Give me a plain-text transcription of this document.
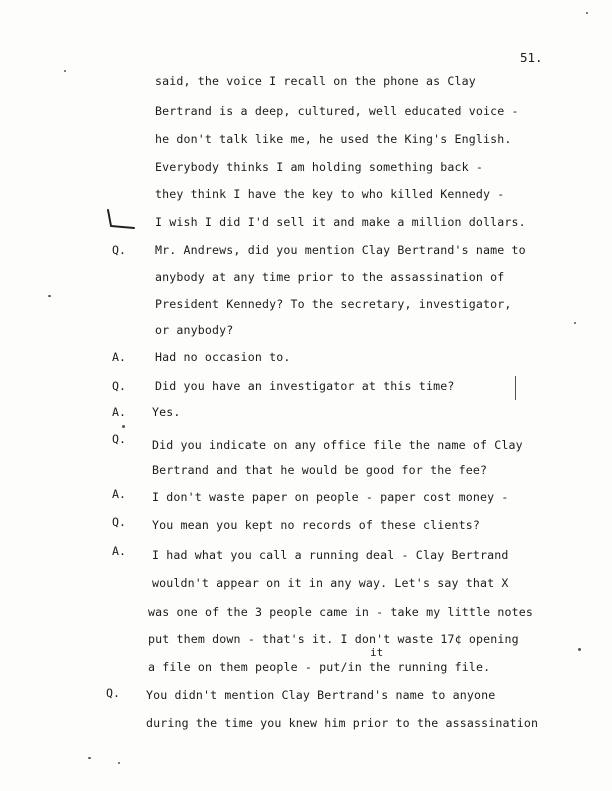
51.
said, the voice I recall on the phone as Clay
Bertrand is a deep, cultured, well educated voice -
he don't talk like me, he used the King's English.
Everybody thinks I am holding something back -
they think I have the key to who killed Kennedy -
I wish I did I'd sell it and make a million dollars.
Q.	Mr. Andrews, did you mention Clay Bertrand's name to
anybody at any time prior to the assassination of
President Kennedy? To the secretary, investigator,
or anybody?
A.	Had no occasion to.
Q.	Did you have an investigator at this time?
A. Yes.
Q. Did you indicate on any office file the name of Clay
Bertrand and that he would be good for the fee?
A. I don't waste paper on people - paper cost money -
Q. You mean you kept no records of these clients?
A. I had what you call a running deal - Clay Bertrand
wouldn't appear on it in any way. Let's say that X
was one of the 3 people came in - take my little notes
put them down - that's it. I don't waste 17¢ opening
it
a file on them people - put/in the running file.
Q. You didn't mention Clay Bertrand's name to anyone
during the time you knew him prior to the assassination
